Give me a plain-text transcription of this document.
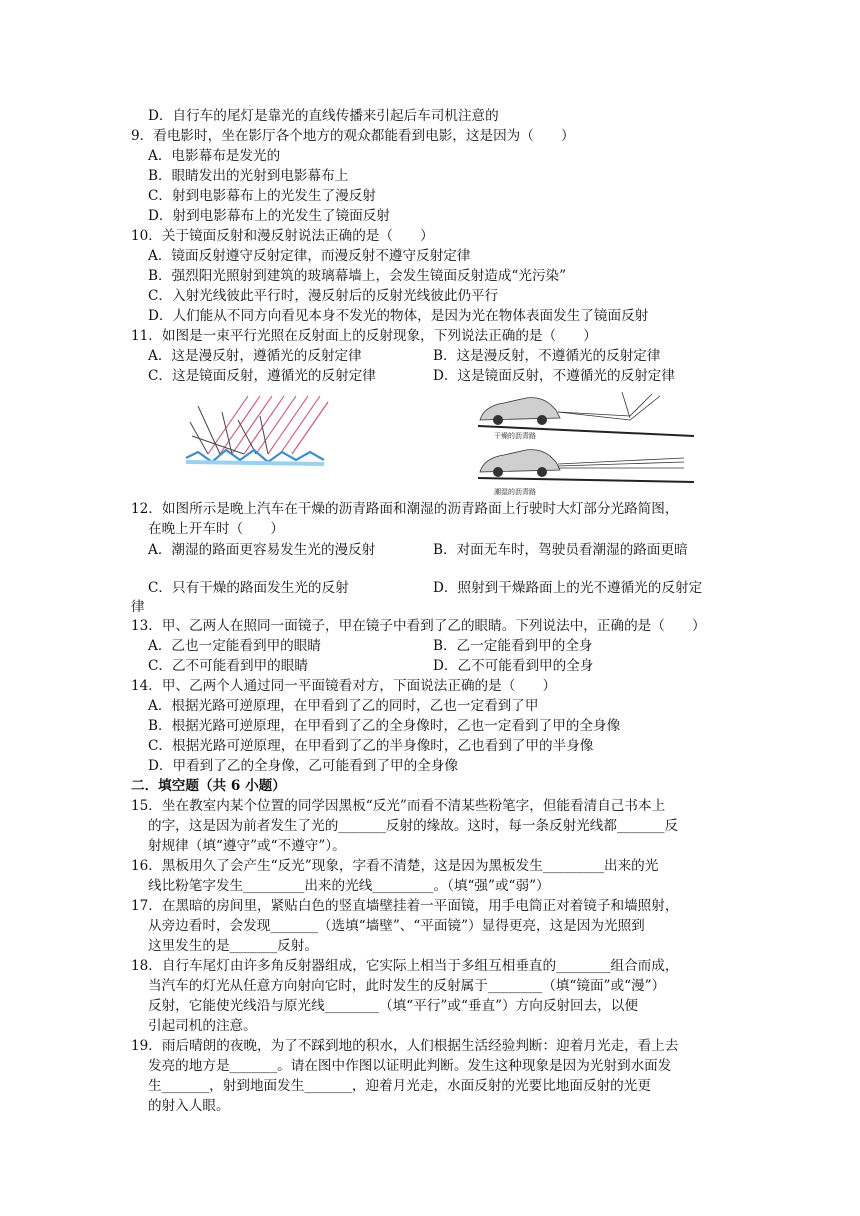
D．自行车的尾灯是靠光的直线传播来引起后车司机注意的
9．看电影时，坐在影厅各个地方的观众都能看到电影，这是因为（　　）
A．电影幕布是发光的
B．眼睛发出的光射到电影幕布上
C．射到电影幕布上的光发生了漫反射
D．射到电影幕布上的光发生了镜面反射
10．关于镜面反射和漫反射说法正确的是（　　）
A．镜面反射遵守反射定律，而漫反射不遵守反射定律
B．强烈阳光照射到建筑的玻璃幕墙上，会发生镜面反射造成“光污染”
C．入射光线彼此平行时，漫反射后的反射光线彼此仍平行
D．人们能从不同方向看见本身不发光的物体，是因为光在物体表面发生了镜面反射
11．如图是一束平行光照在反射面上的反射现象，下列说法正确的是（　　）
A．这是漫反射，遵循光的反射定律	B．这是漫反射，不遵循光的反射定律
C．这是镜面反射，遵循光的反射定律	D．这是镜面反射，不遵循光的反射定律
干燥的沥青路
潮湿的沥青路
12．如图所示是晚上汽车在干燥的沥青路面和潮湿的沥青路面上行驶时大灯部分光路简图，
在晚上开车时（　　）
A．潮湿的路面更容易发生光的漫反射	B．对面无车时，驾驶员看潮湿的路面更暗
C．只有干燥的路面发生光的反射	D．照射到干燥路面上的光不遵循光的反射定
律
13．甲、乙两人在照同一面镜子，甲在镜子中看到了乙的眼睛。下列说法中，正确的是（　　）
A．乙也一定能看到甲的眼睛	B．乙一定能看到甲的全身
C．乙不可能看到甲的眼睛	D．乙不可能看到甲的全身
14．甲、乙两个人通过同一平面镜看对方，下面说法正确的是（　　）
A．根据光路可逆原理，在甲看到了乙的同时，乙也一定看到了甲
B．根据光路可逆原理，在甲看到了乙的全身像时，乙也一定看到了甲的全身像
C．根据光路可逆原理，在甲看到了乙的半身像时，乙也看到了甲的半身像
D．甲看到了乙的全身像，乙可能看到了甲的全身像
二．填空题（共 6 小题）
15．坐在教室内某个位置的同学因黑板“反光”而看不清某些粉笔字，但能看清自己书本上
的字，这是因为前者发生了光的_______反射的缘故。这时，每一条反射光线都_______反
射规律（填“遵守”或“不遵守”）。
16．黑板用久了会产生“反光”现象，字看不清楚，这是因为黑板发生_________出来的光
线比粉笔字发生_________出来的光线_________。（填“强”或“弱”）
17．在黑暗的房间里，紧贴白色的竖直墙壁挂着一平面镜，用手电筒正对着镜子和墙照射，
从旁边看时，会发现_______（选填“墙壁”、“平面镜”）显得更亮，这是因为光照到
这里发生的是_______反射。
18．自行车尾灯由许多角反射器组成，它实际上相当于多组互相垂直的________组合而成，
当汽车的灯光从任意方向射向它时，此时发生的反射属于________（填“镜面”或“漫”）
反射，它能使光线沿与原光线________（填“平行”或“垂直”）方向反射回去，以便
引起司机的注意。
19．雨后晴朗的夜晚，为了不踩到地的积水，人们根据生活经验判断：迎着月光走，看上去
发亮的地方是_______。请在图中作图以证明此判断。发生这种现象是因为光射到水面发
生_______，射到地面发生_______，迎着月光走，水面反射的光要比地面反射的光更
的射入人眼。
